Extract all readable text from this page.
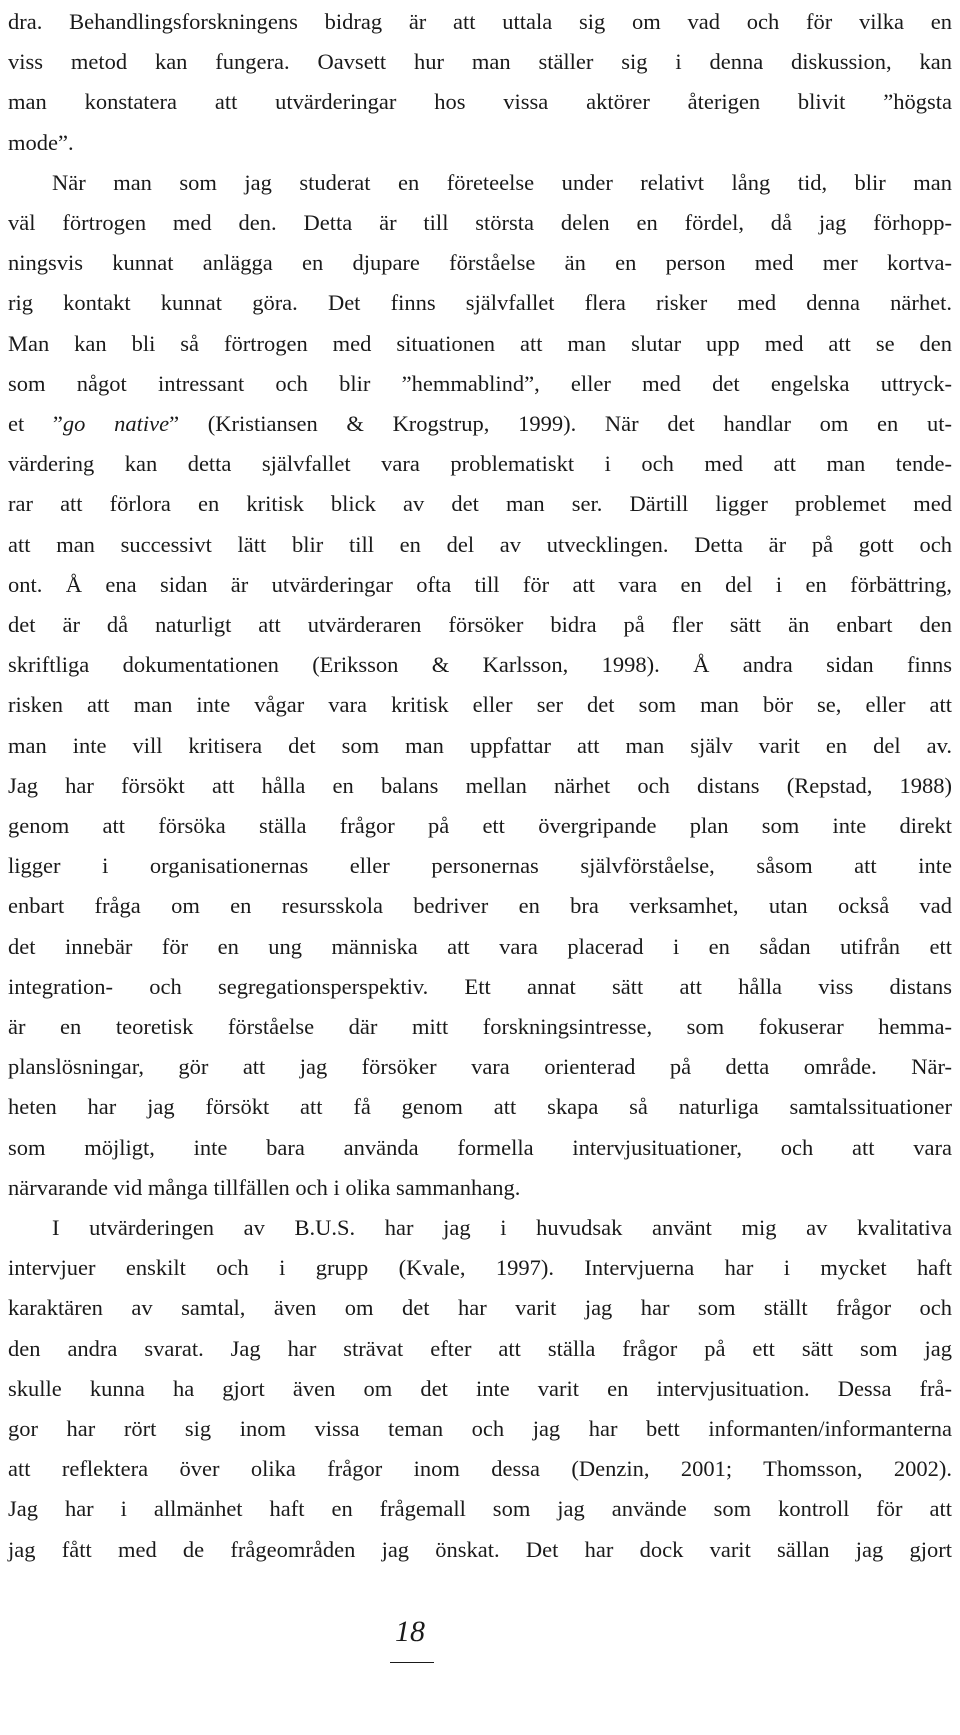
dra. Behandlingsforskningens bidrag är att uttala sig om vad och för vilka en
viss metod kan fungera. Oavsett hur man ställer sig i denna diskussion, kan
man konstatera att utvärderingar hos vissa aktörer återigen blivit ”högsta
mode”.
När man som jag studerat en företeelse under relativt lång tid, blir man
väl förtrogen med den. Detta är till största delen en fördel, då jag förhopp-
ningsvis kunnat anlägga en djupare förståelse än en person med mer kortva-
rig kontakt kunnat göra. Det finns självfallet flera risker med denna närhet.
Man kan bli så förtrogen med situationen att man slutar upp med att se den
som något intressant och blir ”hemmablind”, eller med det engelska uttryck-
et ”go native” (Kristiansen & Krogstrup, 1999). När det handlar om en ut-
värdering kan detta självfallet vara problematiskt i och med att man tende-
rar att förlora en kritisk blick av det man ser. Därtill ligger problemet med
att man successivt lätt blir till en del av utvecklingen. Detta är på gott och
ont. Å ena sidan är utvärderingar ofta till för att vara en del i en förbättring,
det är då naturligt att utvärderaren försöker bidra på fler sätt än enbart den
skriftliga dokumentationen (Eriksson & Karlsson, 1998). Å andra sidan finns
risken att man inte vågar vara kritisk eller ser det som man bör se, eller att
man inte vill kritisera det som man uppfattar att man själv varit en del av.
Jag har försökt att hålla en balans mellan närhet och distans (Repstad, 1988)
genom att försöka ställa frågor på ett övergripande plan som inte direkt
ligger i organisationernas eller personernas självförståelse, såsom att inte
enbart fråga om en resursskola bedriver en bra verksamhet, utan också vad
det innebär för en ung människa att vara placerad i en sådan utifrån ett
integration- och segregationsperspektiv. Ett annat sätt att hålla viss distans
är en teoretisk förståelse där mitt forskningsintresse, som fokuserar hemma-
planslösningar, gör att jag försöker vara orienterad på detta område. När-
heten har jag försökt att få genom att skapa så naturliga samtalssituationer
som möjligt, inte bara använda formella intervjusituationer, och att vara
närvarande vid många tillfällen och i olika sammanhang.
I utvärderingen av B.U.S. har jag i huvudsak använt mig av kvalitativa
intervjuer enskilt och i grupp (Kvale, 1997). Intervjuerna har i mycket haft
karaktären av samtal, även om det har varit jag har som ställt frågor och
den andra svarat. Jag har strävat efter att ställa frågor på ett sätt som jag
skulle kunna ha gjort även om det inte varit en intervjusituation. Dessa frå-
gor har rört sig inom vissa teman och jag har bett informanten/informanterna
att reflektera över olika frågor inom dessa (Denzin, 2001; Thomsson, 2002).
Jag har i allmänhet haft en frågemall som jag använde som kontroll för att
jag fått med de frågeområden jag önskat. Det har dock varit sällan jag gjort
18
